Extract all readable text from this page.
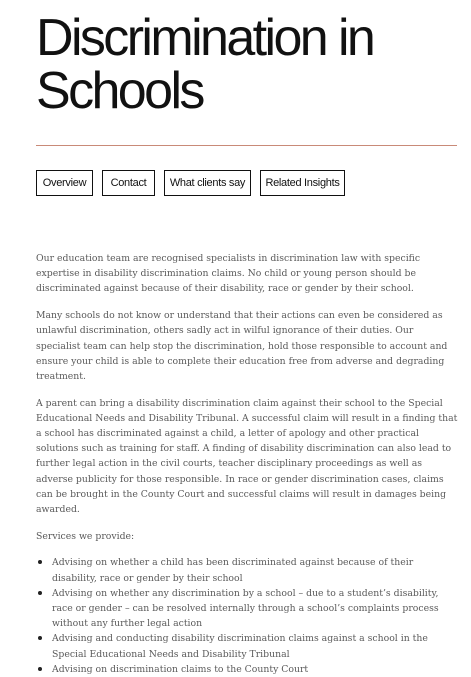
Discrimination in Schools
Overview	Contact	What clients say	Related Insights

Our education team are recognised specialists in discrimination law with specific expertise in disability discrimination claims. No child or young person should be discriminated against because of their disability, race or gender by their school.

Many schools do not know or understand that their actions can even be considered as unlawful discrimination, others sadly act in wilful ignorance of their duties. Our specialist team can help stop the discrimination, hold those responsible to account and ensure your child is able to complete their education free from adverse and degrading treatment.

A parent can bring a disability discrimination claim against their school to the Special Educational Needs and Disability Tribunal. A successful claim will result in a finding that a school has discriminated against a child, a letter of apology and other practical solutions such as training for staff. A finding of disability discrimination can also lead to further legal action in the civil courts, teacher disciplinary proceedings as well as adverse publicity for those responsible. In race or gender discrimination cases, claims can be brought in the County Court and successful claims will result in damages being awarded.

Services we provide:

Advising on whether a child has been discriminated against because of their disability, race or gender by their school
Advising on whether any discrimination by a school – due to a student’s disability, race or gender – can be resolved internally through a school’s complaints process without any further legal action
Advising and conducting disability discrimination claims against a school in the Special Educational Needs and Disability Tribunal
Advising on discrimination claims to the County Court
